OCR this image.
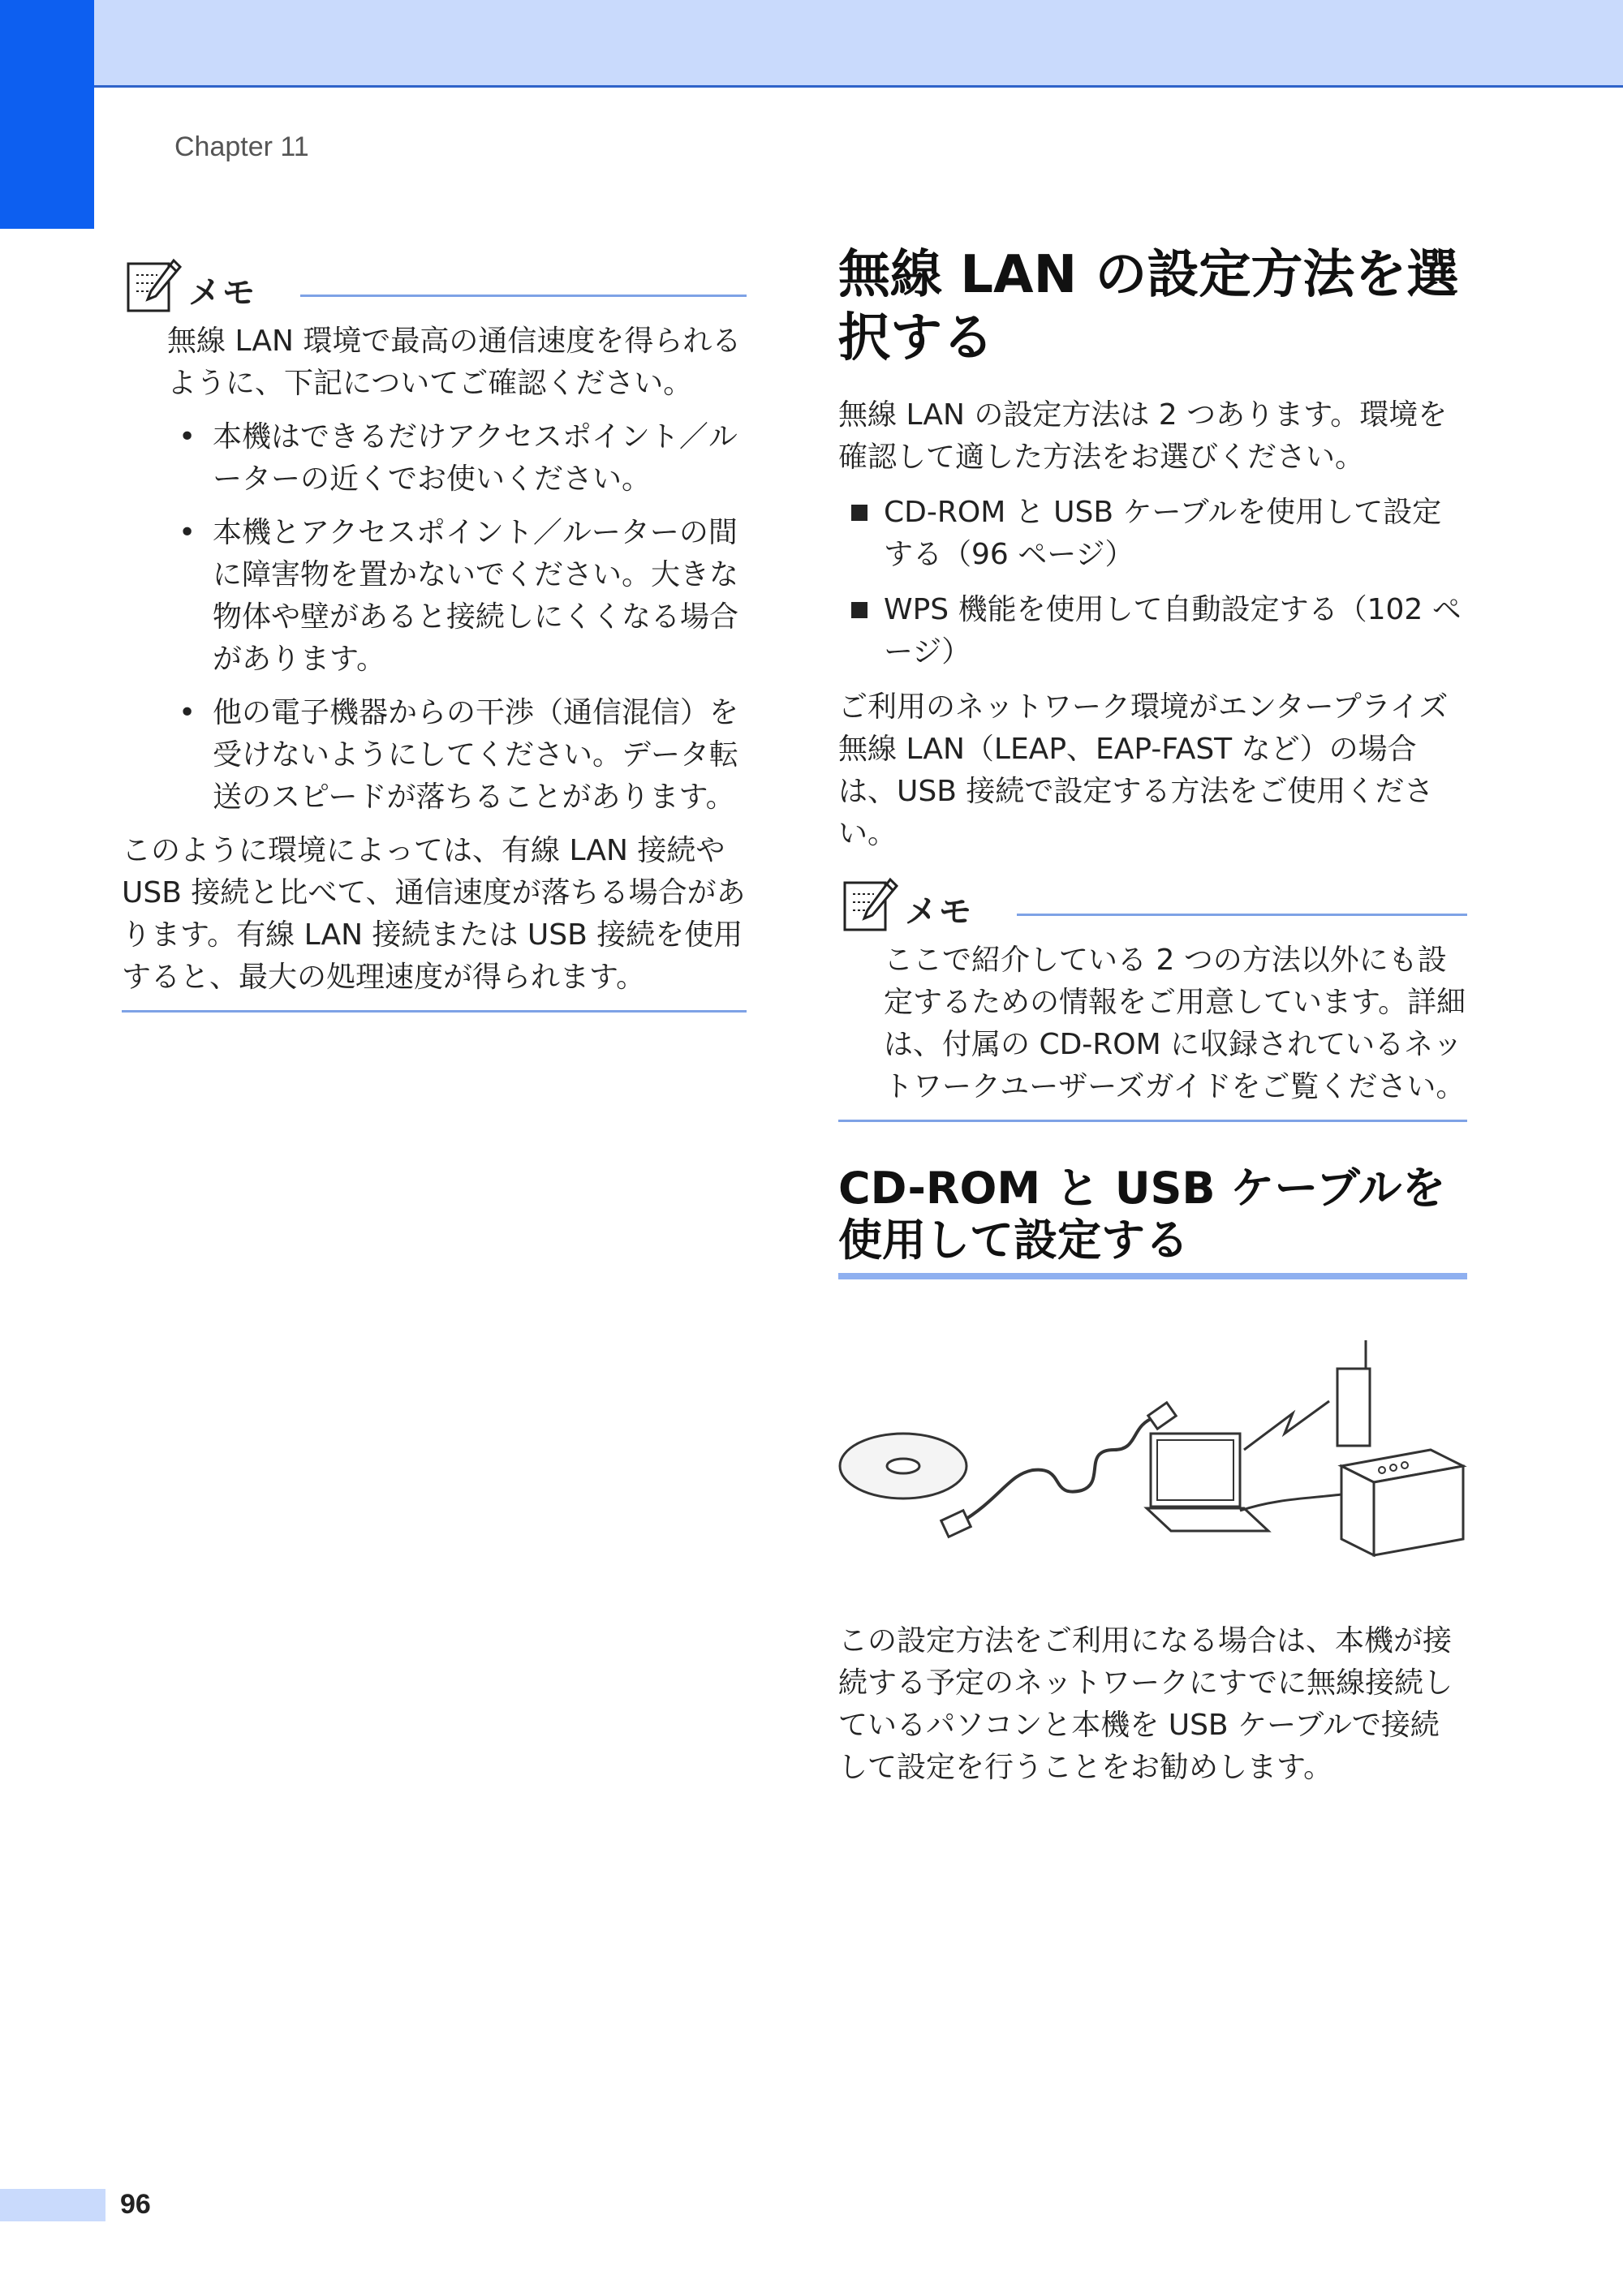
Chapter 11
メモ

無線 LAN 環境で最高の通信速度を得られるように、下記についてご確認ください。

• 本機はできるだけアクセスポイント／ルーターの近くでお使いください。
• 本機とアクセスポイント／ルーターの間に障害物を置かないでください。大きな物体や壁があると接続しにくくなる場合があります。
• 他の電子機器からの干渉（通信混信）を受けないようにしてください。データ転送のスピードが落ちることがあります。

このように環境によっては、有線 LAN 接続や USB 接続と比べて、通信速度が落ちる場合があります。有線 LAN 接続または USB 接続を使用すると、最大の処理速度が得られます。

無線 LAN の設定方法を選択する

無線 LAN の設定方法は 2 つあります。環境を確認して適した方法をお選びください。

CD-ROM と USB ケーブルを使用して設定する（96 ページ）
WPS 機能を使用して自動設定する（102 ページ）

ご利用のネットワーク環境がエンタープライズ無線 LAN（LEAP、EAP-FAST など）の場合は、USB 接続で設定する方法をご使用ください。

メモ

ここで紹介している 2 つの方法以外にも設定するための情報をご用意しています。詳細は、付属の CD-ROM に収録されているネットワークユーザーズガイドをご覧ください。

CD-ROM と USB ケーブルを使用して設定する

この設定方法をご利用になる場合は、本機が接続する予定のネットワークにすでに無線接続しているパソコンと本機を USB ケーブルで接続して設定を行うことをお勧めします。

96
